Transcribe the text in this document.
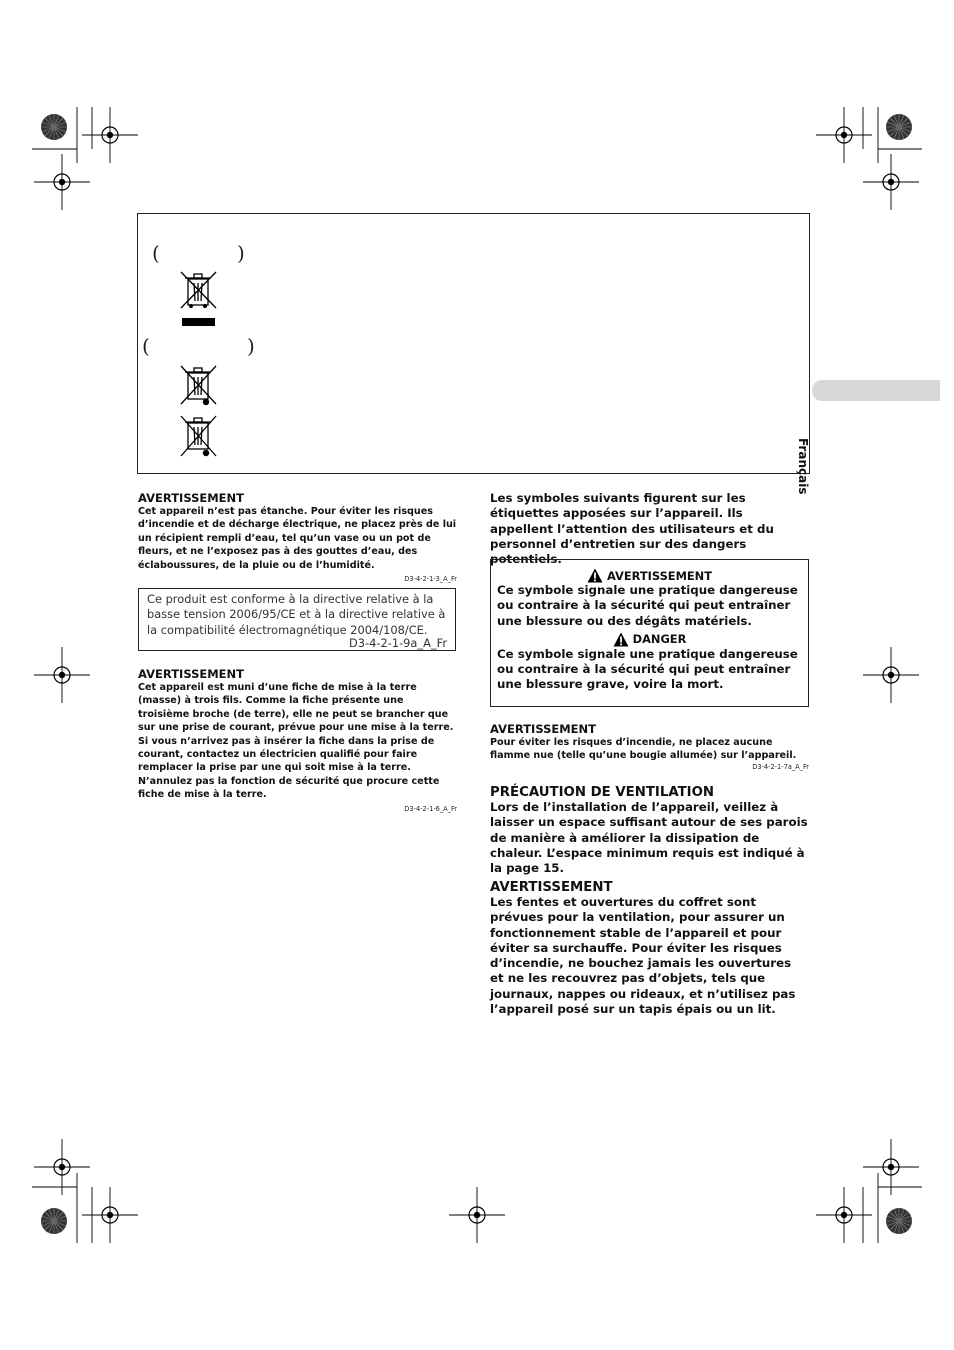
(	)
(	)
Français
AVERTISSEMENT

Cet appareil n’est pas étanche. Pour éviter les risques d’incendie et de décharge électrique, ne placez près de lui un récipient rempli d’eau, tel qu’un vase ou un pot de fleurs, et ne l’exposez pas à des gouttes d’eau, des éclaboussures, de la pluie ou de l’humidité.

D3-4-2-1-3_A_Fr

Ce produit est conforme à la directive relative à la basse tension 2006/95/CE et à la directive relative à la compatibilité électromagnétique 2004/108/CE.

D3-4-2-1-9a_A_Fr

AVERTISSEMENT

Cet appareil est muni d’une fiche de mise à la terre (masse) à trois fils. Comme la fiche présente une troisième broche (de terre), elle ne peut se brancher que sur une prise de courant, prévue pour une mise à la terre. Si vous n’arrivez pas à insérer la fiche dans la prise de courant, contactez un électricien qualifié pour faire remplacer la prise par une qui soit mise à la terre. N’annulez pas la fonction de sécurité que procure cette fiche de mise à la terre.

D3-4-2-1-6_A_Fr

Les symboles suivants figurent sur les étiquettes apposées sur l’appareil. Ils appellent l’attention des utilisateurs et du personnel d’entretien sur des dangers potentiels.

AVERTISSEMENT

Ce symbole signale une pratique dangereuse ou contraire à la sécurité qui peut entraîner une blessure ou des dégâts matériels.

DANGER

Ce symbole signale une pratique dangereuse ou contraire à la sécurité qui peut entraîner une blessure grave, voire la mort.

AVERTISSEMENT

Pour éviter les risques d’incendie, ne placez aucune flamme nue (telle qu’une bougie allumée) sur l’appareil.

D3-4-2-1-7a_A_Fr

PRÉCAUTION DE VENTILATION

Lors de l’installation de l’appareil, veillez à laisser un espace suffisant autour de ses parois de manière à améliorer la dissipation de chaleur. L’espace minimum requis est indiqué à la page 15.

AVERTISSEMENT

Les fentes et ouvertures du coffret sont prévues pour la ventilation, pour assurer un fonctionnement stable de l’appareil et pour éviter sa surchauffe. Pour éviter les risques d’incendie, ne bouchez jamais les ouvertures et ne les recouvrez pas d’objets, tels que journaux, nappes ou rideaux, et n’utilisez pas l’appareil posé sur un tapis épais ou un lit.
